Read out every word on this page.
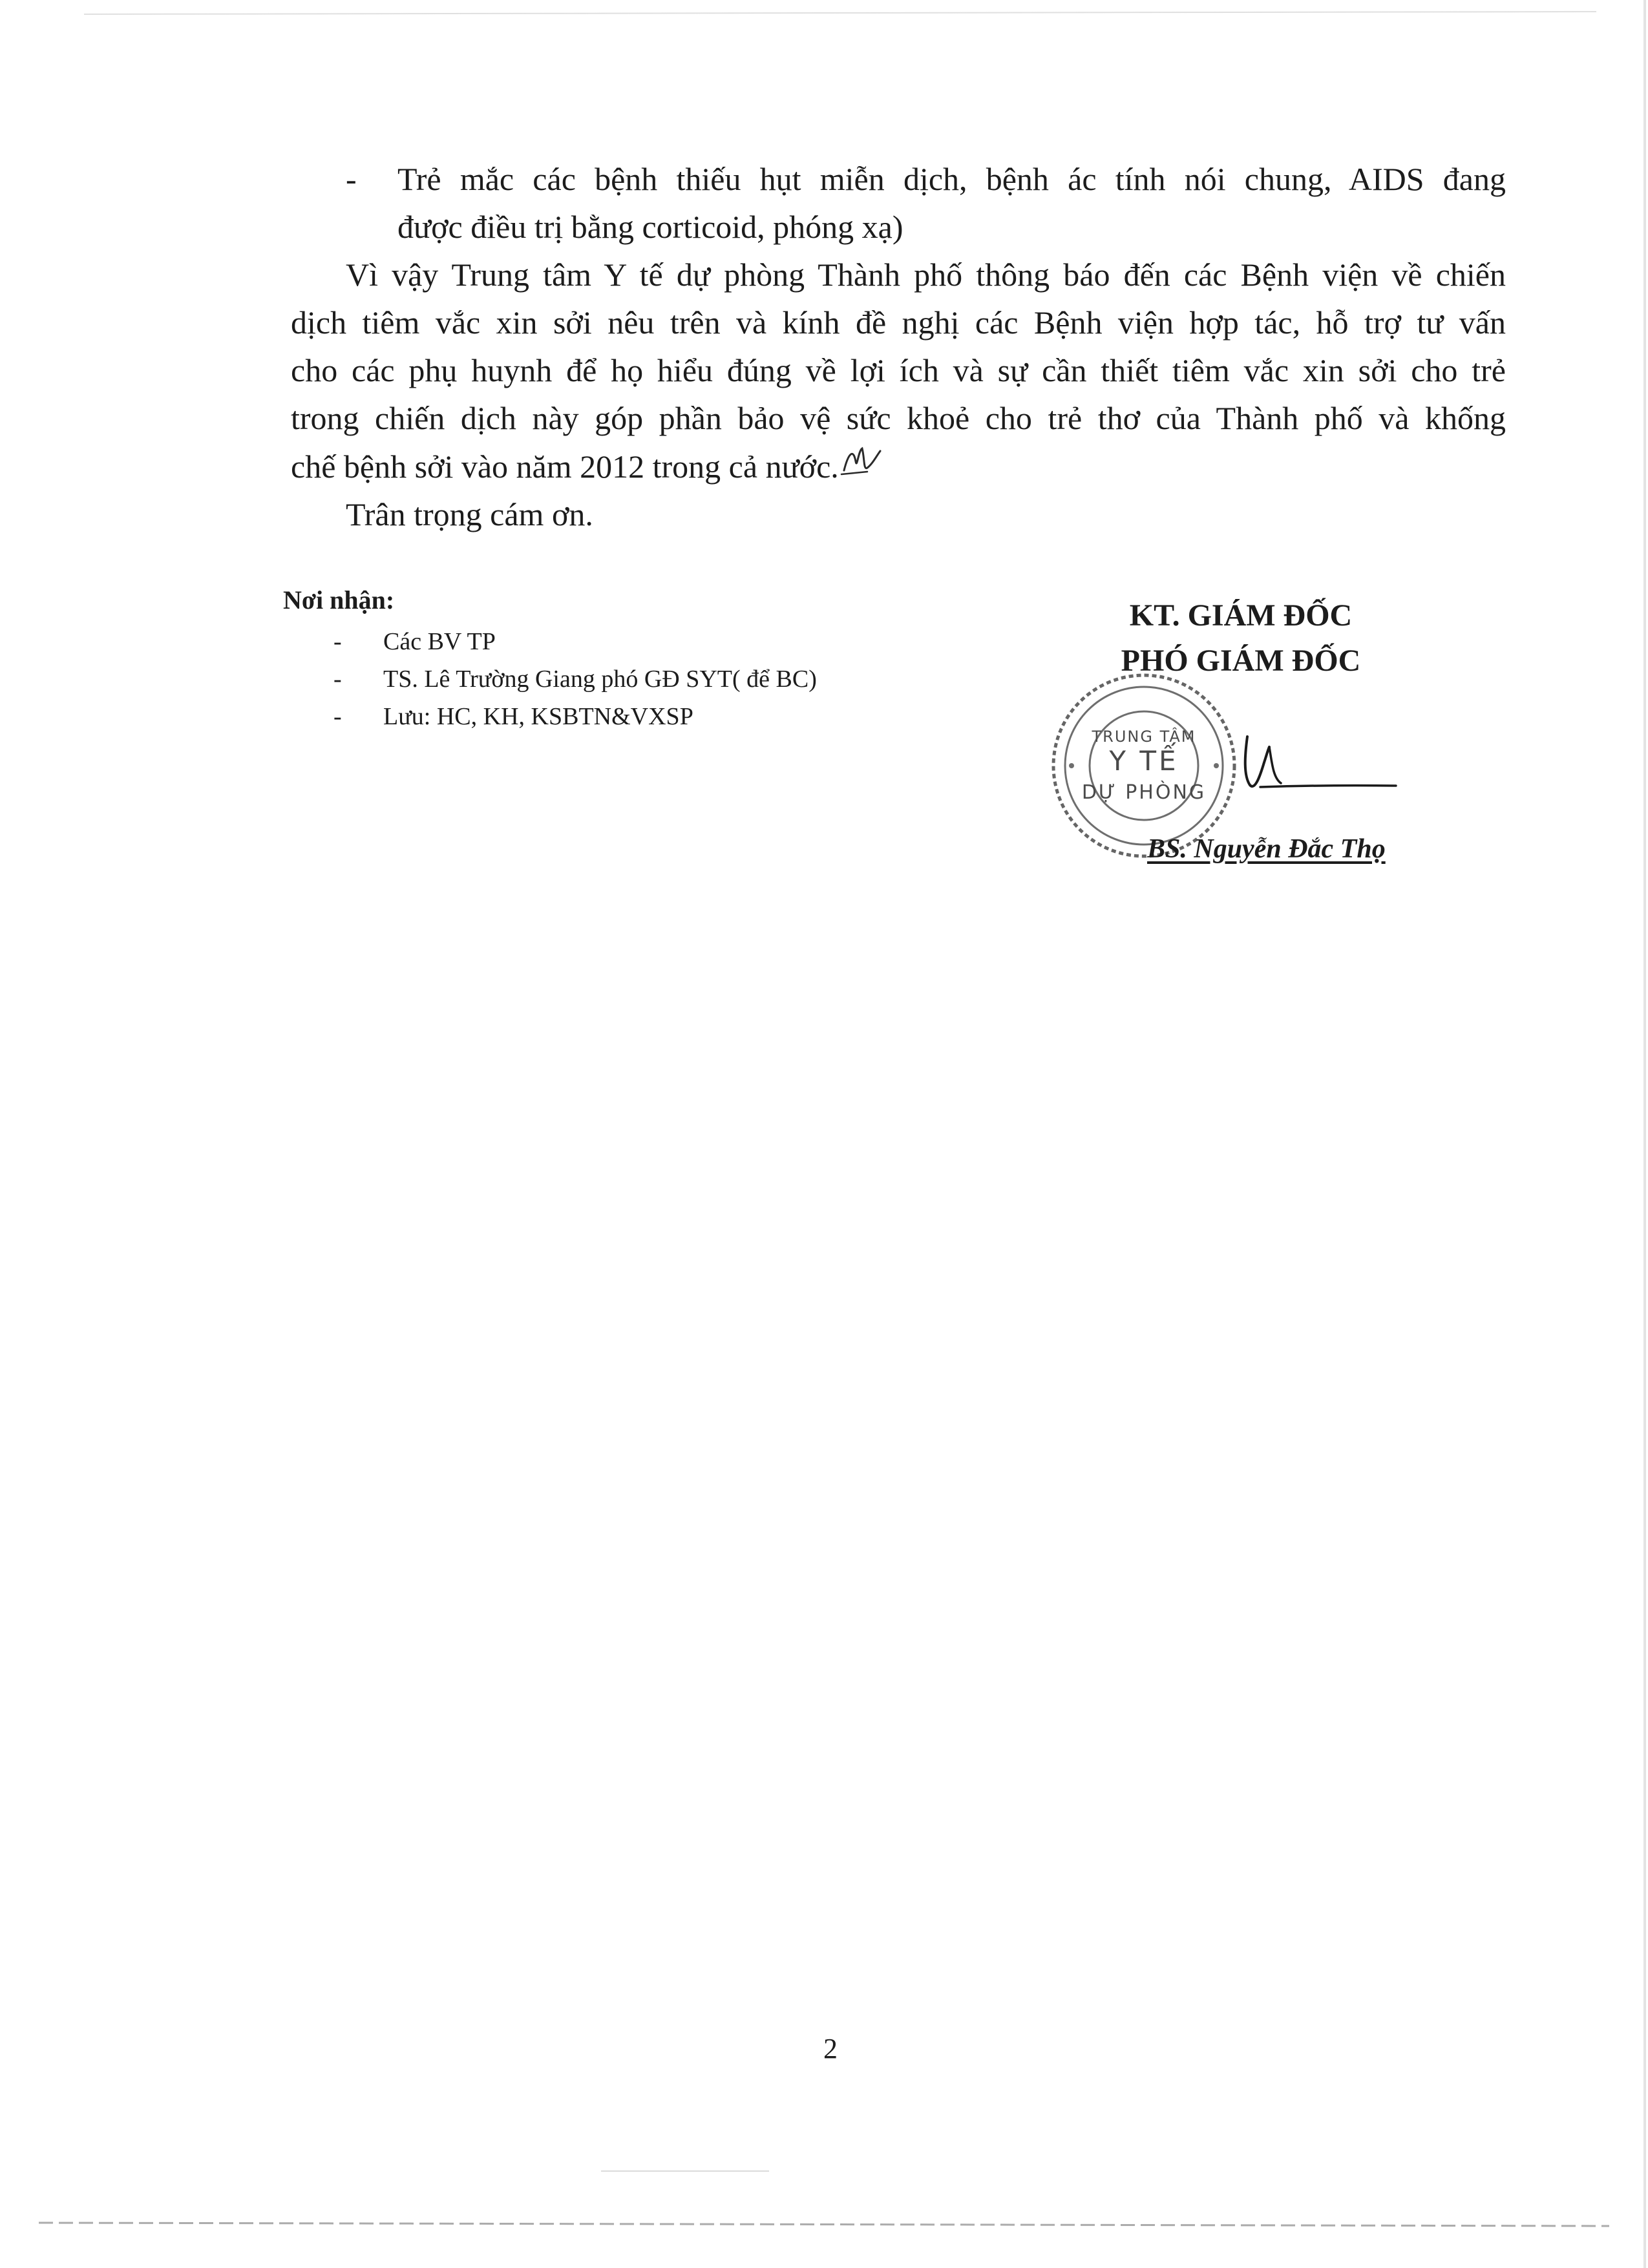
- Trẻ mắc các bệnh thiếu hụt miễn dịch, bệnh ác tính nói chung, AIDS đang
được điều trị bằng corticoid, phóng xạ)
Vì vậy Trung tâm Y tế dự phòng Thành phố thông báo đến các Bệnh viện về chiến
dịch tiêm vắc xin sởi nêu trên và kính đề nghị các Bệnh viện hợp tác, hỗ trợ tư vấn
cho các phụ huynh để họ hiểu đúng về lợi ích và sự cần thiết tiêm vắc xin sởi cho trẻ
trong chiến dịch này góp phần bảo vệ sức khoẻ cho trẻ thơ của Thành phố và khống
chế bệnh sởi vào năm 2012 trong cả nước.
Trân trọng cám ơn.
Nơi nhận:
- Các BV TP
- TS. Lê Trường Giang phó GĐ SYT( để BC)
- Lưu: HC, KH, KSBTN&VXSP
KT. GIÁM ĐỐC
PHÓ GIÁM ĐỐC
TRUNG TÂM
Y TẾ
DỰ PHÒNG
BS. Nguyễn Đắc Thọ
2
